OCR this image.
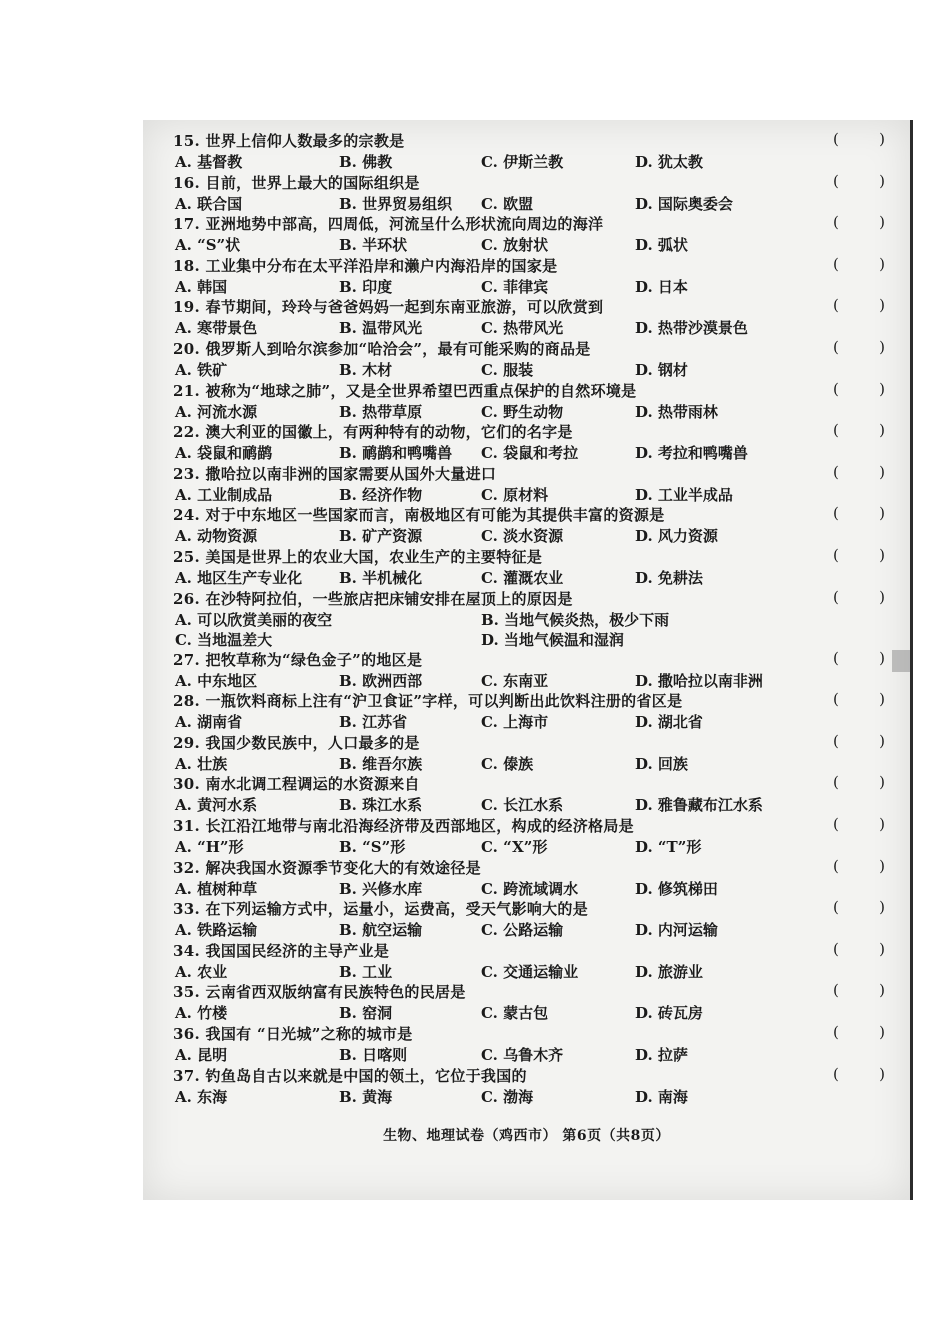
15. 世界上信仰人数最多的宗教是	(	)
A. 基督教	B. 佛教	C. 伊斯兰教	D. 犹太教
16. 目前，世界上最大的国际组织是	(	)
A. 联合国	B. 世界贸易组织 C. 欧盟	D. 国际奥委会
17. 亚洲地势中部高，四周低，河流呈什么形状流向周边的海洋	(	)
A. “S”状	B. 半环状	C. 放射状	D. 弧状
18. 工业集中分布在太平洋沿岸和濑户内海沿岸的国家是	(	)
A. 韩国	B. 印度	C. 菲律宾	D. 日本
19. 春节期间，玲玲与爸爸妈妈一起到东南亚旅游，可以欣赏到	(	)
A. 寒带景色	B. 温带风光	C. 热带风光	D. 热带沙漠景色
20. 俄罗斯人到哈尔滨参加“哈洽会”，最有可能采购的商品是	(	)
A. 铁矿	B. 木材	C. 服装	D. 钢材
21. 被称为“地球之肺”，又是全世界希望巴西重点保护的自然环境是	(	)
A. 河流水源	B. 热带草原	C. 野生动物	D. 热带雨林
22. 澳大利亚的国徽上，有两种特有的动物，它们的名字是	(	)
A. 袋鼠和鸸鹋	B. 鸸鹋和鸭嘴兽 C. 袋鼠和考拉	D. 考拉和鸭嘴兽
23. 撒哈拉以南非洲的国家需要从国外大量进口	(	)
A. 工业制成品	B. 经济作物	C. 原材料	D. 工业半成品
24. 对于中东地区一些国家而言，南极地区有可能为其提供丰富的资源是	(	)
A. 动物资源	B. 矿产资源	C. 淡水资源	D. 风力资源
25. 美国是世界上的农业大国，农业生产的主要特征是	(	)
A. 地区生产专业化 B. 半机械化	C. 灌溉农业	D. 免耕法
26. 在沙特阿拉伯，一些旅店把床铺安排在屋顶上的原因是	(	)
A. 可以欣赏美丽的夜空	B. 当地气候炎热，极少下雨
C. 当地温差大	D. 当地气候温和湿润
27. 把牧草称为“绿色金子”的地区是	(	)
A. 中东地区	B. 欧洲西部	C. 东南亚	D. 撒哈拉以南非洲
28. 一瓶饮料商标上注有“沪卫食证”字样，可以判断出此饮料注册的省区是	(	)
A. 湖南省	B. 江苏省	C. 上海市	D. 湖北省
29. 我国少数民族中，人口最多的是	(	)
A. 壮族	B. 维吾尔族	C. 傣族	D. 回族
30. 南水北调工程调运的水资源来自	(	)
A. 黄河水系	B. 珠江水系	C. 长江水系	D. 雅鲁藏布江水系
31. 长江沿江地带与南北沿海经济带及西部地区，构成的经济格局是	(	)
A. “H”形	B. “S”形	C. “X”形	D. “T”形
32. 解决我国水资源季节变化大的有效途径是	(	)
A. 植树种草	B. 兴修水库	C. 跨流域调水	D. 修筑梯田
33. 在下列运输方式中，运量小，运费高，受天气影响大的是	(	)
A. 铁路运输	B. 航空运输	C. 公路运输	D. 内河运输
34. 我国国民经济的主导产业是	(	)
A. 农业	B. 工业	C. 交通运输业	D. 旅游业
35. 云南省西双版纳富有民族特色的民居是	(	)
A. 竹楼	B. 窑洞	C. 蒙古包	D. 砖瓦房
36. 我国有 “日光城”之称的城市是	(	)
A. 昆明	B. 日喀则	C. 乌鲁木齐	D. 拉萨
37. 钓鱼岛自古以来就是中国的领土，它位于我国的	(	)
A. 东海	B. 黄海	C. 渤海	D. 南海
生物、地理试卷（鸡西市） 第6页（共8页）
